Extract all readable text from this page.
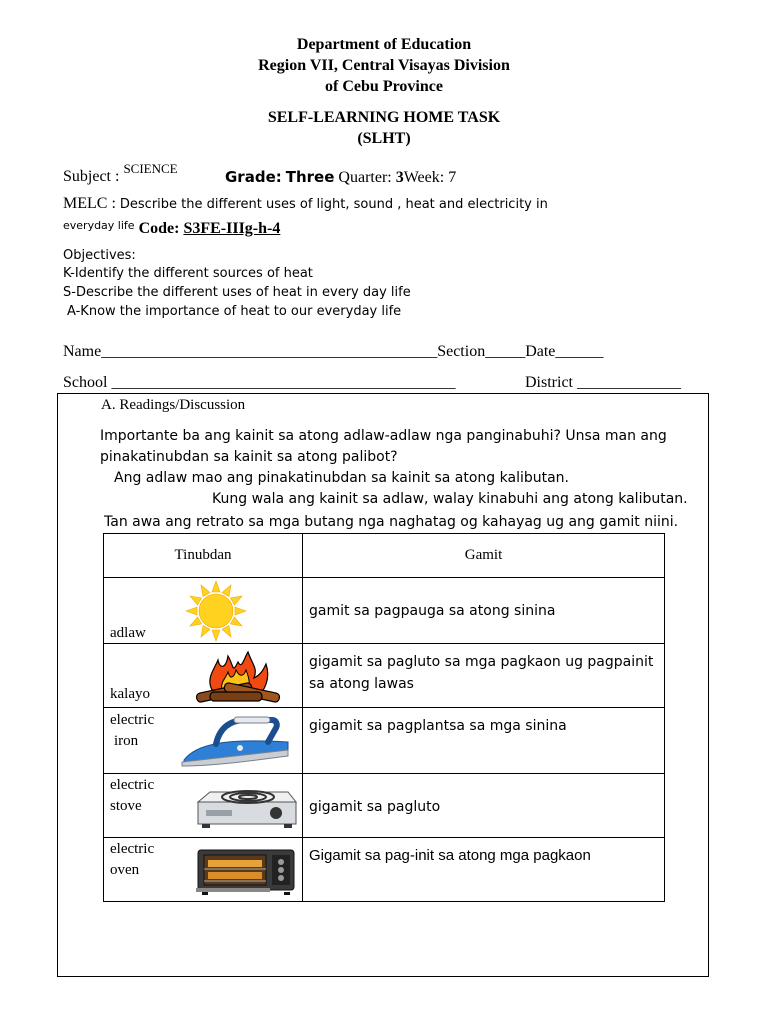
Department of Education
Region VII, Central Visayas Division
of Cebu Province
SELF-LEARNING HOME TASK
(SLHT)
Subject : $^{SCIENCE}$	Grade: Three Quarter: 3Week: 7
MELC : Describe the different uses of light, sound , heat and electricity in
$^{everyday life}$ Code: S3FE-IIIg-h-4
Objectives:
K-Identify the different sources of heat
S-Describe the different uses of heat in every day life
A-Know the importance of heat to our everyday life
Name__________________________________________Section_____Date______
School ___________________________________________	District _____________
A. Readings/Discussion
Importante ba ang kainit sa atong adlaw-adlaw nga panginabuhi? Unsa man ang
pinakatinubdan sa kainit sa atong palibot?
Ang adlaw mao ang pinakatinubdan sa kainit sa atong kalibutan.
Kung wala ang kainit sa adlaw, walay kinabuhi ang atong kalibutan.
Tan awa ang retrato sa mga butang nga naghatag og kahayag ug ang gamit niini.
Tinubdan	Gamit

adlaw	gamit sa pagpauga sa atong sinina

kalayo	gigamit sa pagluto sa mga pagkaon ug pagpainit sa atong lawas

electric
iron	gigamit sa pagplantsa sa mga sinina

electric
stove	gigamit sa pagluto

electric
oven	Gigamit sa pag-init sa atong mga pagkaon
